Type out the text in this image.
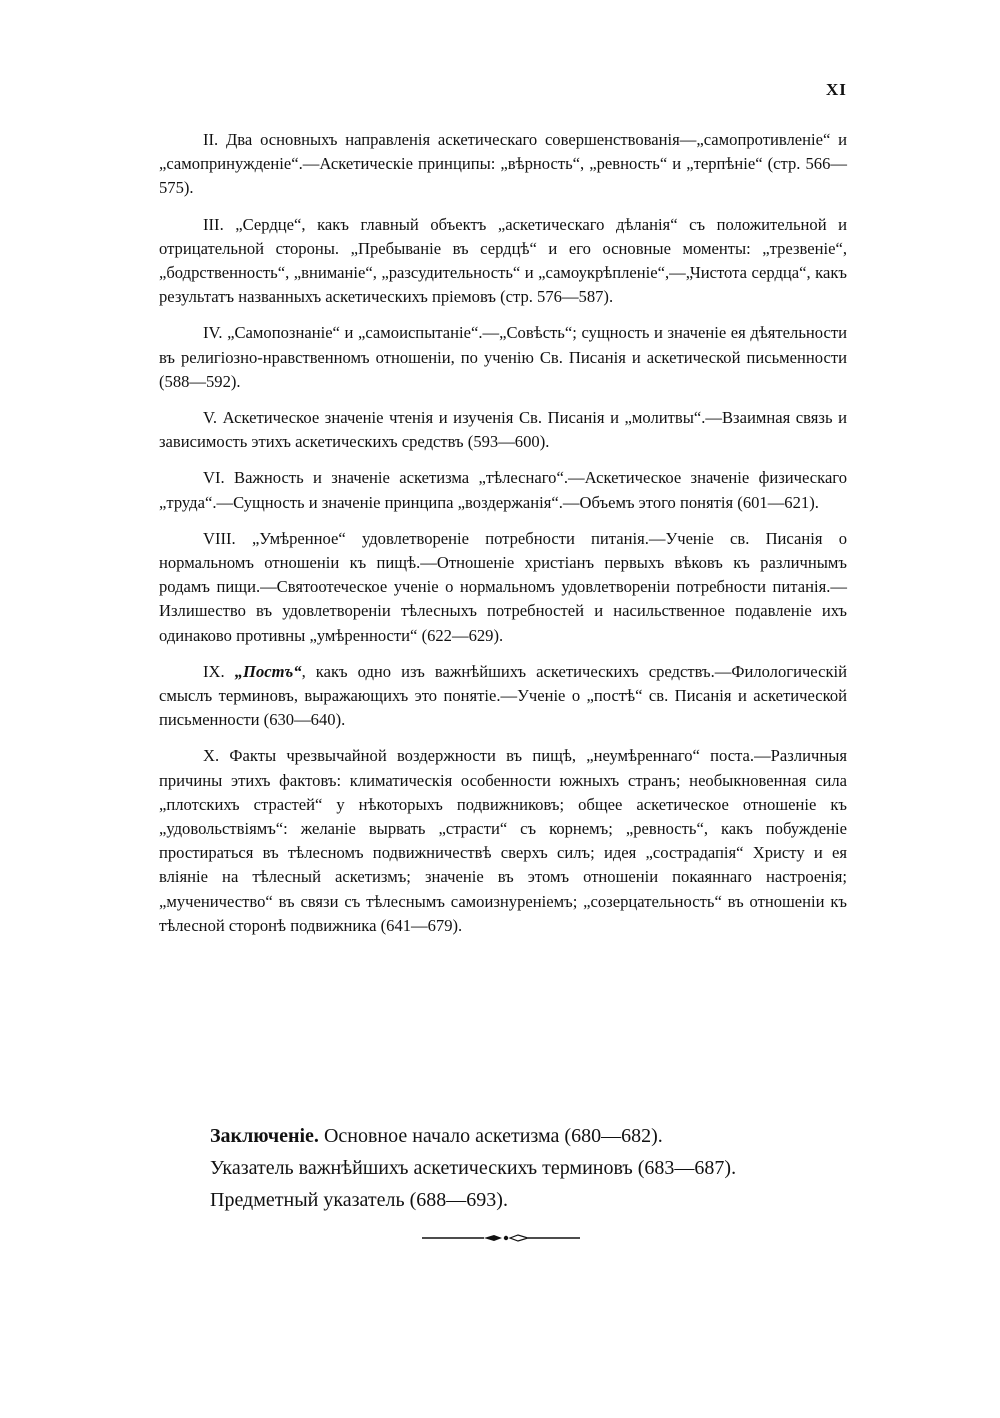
XI

II. Два основныхъ направленія аскетическаго совершенствованія—„самопротивленіе“ и „самопринужденіе“.—Аскетическіе принципы: „вѣрность“, „ревность“ и „терпѣніе“ (стр. 566—575).

III. „Сердце“, какъ главный объектъ „аскетическаго дѣланія“ съ положительной и отрицательной стороны. „Пребываніе въ сердцѣ“ и его основные моменты: „трезвеніе“, „бодрственность“, „вниманіе“, „разсудительность“ и „самоукрѣпленіе“,—„Чистота сердца“, какъ результатъ названныхъ аскетическихъ пріемовъ (стр. 576—587).

IV. „Самопознаніе“ и „самоиспытаніе“.—„Совѣсть“; сущность и значеніе ея дѣятельности въ религіозно-нравственномъ отношеніи, по ученію Св. Писанія и аскетической письменности (588—592).

V. Аскетическое значеніе чтенія и изученія Св. Писанія и „молитвы“.—Взаимная связь и зависимость этихъ аскетическихъ средствъ (593—600).

VI. Важность и значеніе аскетизма „тѣлеснаго“.—Аскетическое значеніе физическаго „труда“.—Сущность и значеніе принципа „воздержанія“.—Объемъ этого понятія (601—621).

VIII. „Умѣренное“ удовлетвореніе потребности питанія.—Ученіе св. Писанія о нормальномъ отношеніи къ пищѣ.—Отношеніе христіанъ первыхъ вѣковъ къ различнымъ родамъ пищи.—Святоотеческое ученіе о нормальномъ удовлетвореніи потребности питанія.—Излишество въ удовлетвореніи тѣлесныхъ потребностей и насильственное подавленіе ихъ одинаково противны „умѣренности“ (622—629).

IX. „Постъ“, какъ одно изъ важнѣйшихъ аскетическихъ средствъ.—Филологическій смыслъ терминовъ, выражающихъ это понятіе.—Ученіе о „постѣ“ св. Писанія и аскетической письменности (630—640).

X. Факты чрезвычайной воздержности въ пищѣ, „неумѣреннаго“ поста.—Различныя причины этихъ фактовъ: климатическія особенности южныхъ странъ; необыкновенная сила „плотскихъ страстей“ у нѣкоторыхъ подвижниковъ; общее аскетическое отношеніе къ „удовольствіямъ“: желаніе вырвать „страсти“ съ корнемъ; „ревность“, какъ побужденіе простираться въ тѣлесномъ подвижничествѣ сверхъ силъ; идея „сострадапія“ Христу и ея вліяніе на тѣлесный аскетизмъ; значеніе въ этомъ отношеніи покаяннаго настроенія; „мученичество“ въ связи съ тѣлеснымъ самоизнуреніемъ; „созерцательность“ въ отношеніи къ тѣлесной сторонѣ подвижника (641—679).

Заключеніе. Основное начало аскетизма (680—682).

Указатель важнѣйшихъ аскетическихъ терминовъ (683—687).

Предметный указатель (688—693).
